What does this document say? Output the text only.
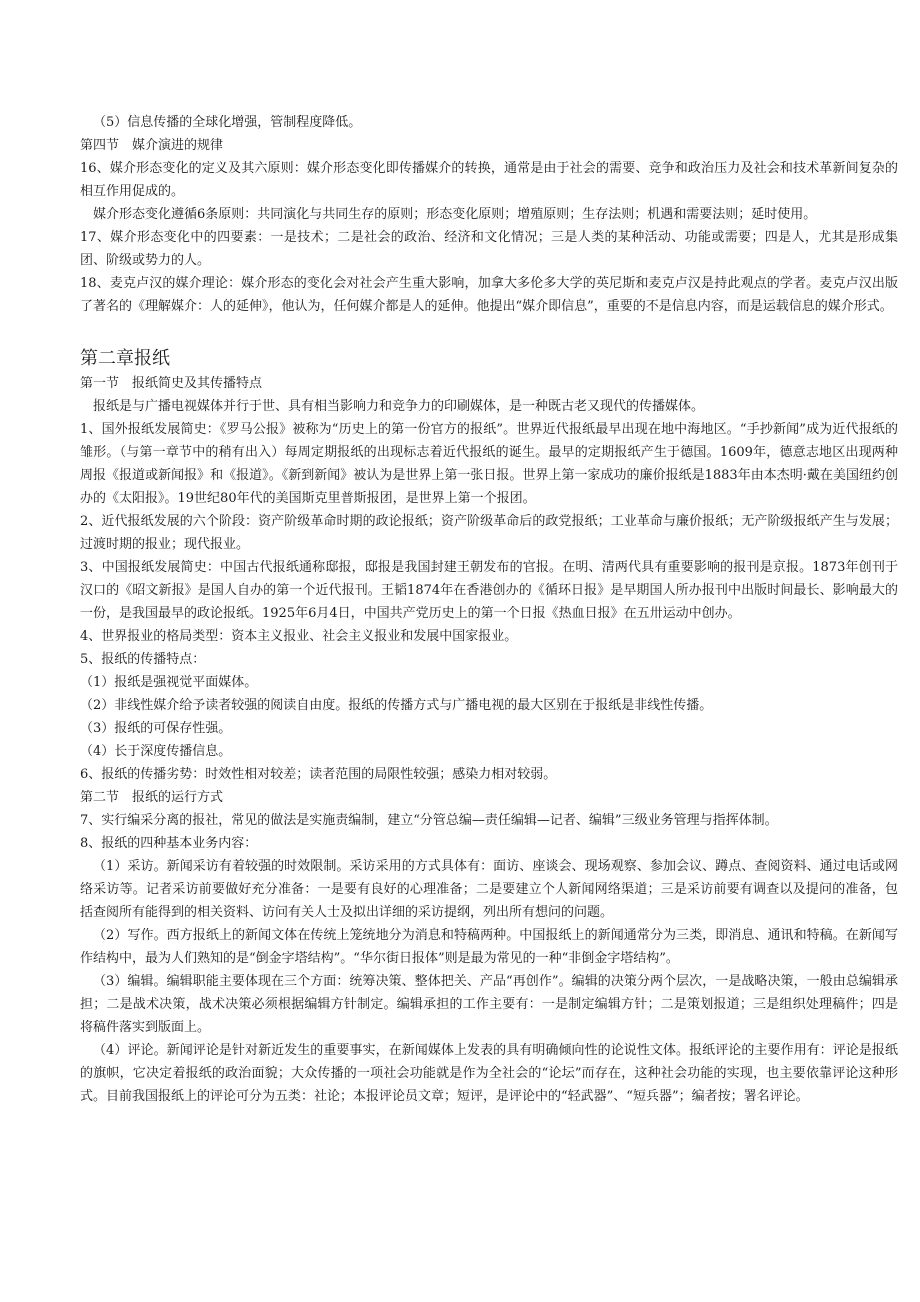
（5）信息传播的全球化增强，管制程度降低。

第四节　媒介演进的规律

16、媒介形态变化的定义及其六原则：媒介形态变化即传播媒介的转换，通常是由于社会的需要、竞争和政治压力及社会和技术革新间复杂的相互作用促成的。

媒介形态变化遵循6条原则：共同演化与共同生存的原则；形态变化原则；增殖原则；生存法则；机遇和需要法则；延时使用。

17、媒介形态变化中的四要素：一是技术；二是社会的政治、经济和文化情况；三是人类的某种活动、功能或需要；四是人，尤其是形成集团、阶级或势力的人。

18、麦克卢汉的媒介理论：媒介形态的变化会对社会产生重大影响，加拿大多伦多大学的英尼斯和麦克卢汉是持此观点的学者。麦克卢汉出版了著名的《理解媒介：人的延伸》，他认为，任何媒介都是人的延伸。他提出“媒介即信息”，重要的不是信息内容，而是运载信息的媒介形式。

第二章报纸

第一节　报纸简史及其传播特点

报纸是与广播电视媒体并行于世、具有相当影响力和竞争力的印刷媒体，是一种既古老又现代的传播媒体。

1、国外报纸发展简史：《罗马公报》被称为“历史上的第一份官方的报纸”。世界近代报纸最早出现在地中海地区。“手抄新闻”成为近代报纸的雏形。（与第一章节中的稍有出入）每周定期报纸的出现标志着近代报纸的诞生。最早的定期报纸产生于德国。1609年，德意志地区出现两种周报《报道或新闻报》和《报道》。《新到新闻》被认为是世界上第一张日报。世界上第一家成功的廉价报纸是1883年由本杰明·戴在美国纽约创办的《太阳报》。19世纪80年代的美国斯克里普斯报团，是世界上第一个报团。

2、近代报纸发展的六个阶段：资产阶级革命时期的政论报纸；资产阶级革命后的政党报纸；工业革命与廉价报纸；无产阶级报纸产生与发展；过渡时期的报业；现代报业。

3、中国报纸发展简史：中国古代报纸通称邸报，邸报是我国封建王朝发布的官报。在明、清两代具有重要影响的报刊是京报。1873年创刊于汉口的《昭文新报》是国人自办的第一个近代报刊。王韬1874年在香港创办的《循环日报》是早期国人所办报刊中出版时间最长、影响最大的一份，是我国最早的政论报纸。1925年6月4日，中国共产党历史上的第一个日报《热血日报》在五卅运动中创办。

4、世界报业的格局类型：资本主义报业、社会主义报业和发展中国家报业。

5、报纸的传播特点：

（1）报纸是强视觉平面媒体。

（2）非线性媒介给予读者较强的阅读自由度。报纸的传播方式与广播电视的最大区别在于报纸是非线性传播。

（3）报纸的可保存性强。

（4）长于深度传播信息。

6、报纸的传播劣势：时效性相对较差；读者范围的局限性较强；感染力相对较弱。

第二节　报纸的运行方式

7、实行编采分离的报社，常见的做法是实施责编制，建立“分管总编—责任编辑—记者、编辑”三级业务管理与指挥体制。

8、报纸的四种基本业务内容：

（1）采访。新闻采访有着较强的时效限制。采访采用的方式具体有：面访、座谈会、现场观察、参加会议、蹲点、查阅资料、通过电话或网络采访等。记者采访前要做好充分准备：一是要有良好的心理准备；二是要建立个人新闻网络渠道；三是采访前要有调查以及提问的准备，包括查阅所有能得到的相关资料、访问有关人士及拟出详细的采访提纲，列出所有想问的问题。

（2）写作。西方报纸上的新闻文体在传统上笼统地分为消息和特稿两种。中国报纸上的新闻通常分为三类，即消息、通讯和特稿。在新闻写作结构中，最为人们熟知的是“倒金字塔结构”。“华尔街日报体”则是最为常见的一种“非倒金字塔结构”。

（3）编辑。编辑职能主要体现在三个方面：统筹决策、整体把关、产品“再创作”。编辑的决策分两个层次，一是战略决策，一般由总编辑承担；二是战术决策，战术决策必须根据编辑方针制定。编辑承担的工作主要有：一是制定编辑方针；二是策划报道；三是组织处理稿件；四是将稿件落实到版面上。

（4）评论。新闻评论是针对新近发生的重要事实，在新闻媒体上发表的具有明确倾向性的论说性文体。报纸评论的主要作用有：评论是报纸的旗帜，它决定着报纸的政治面貌；大众传播的一项社会功能就是作为全社会的“论坛”而存在，这种社会功能的实现，也主要依靠评论这种形式。目前我国报纸上的评论可分为五类：社论；本报评论员文章；短评，是评论中的“轻武器”、“短兵器”；编者按；署名评论。
